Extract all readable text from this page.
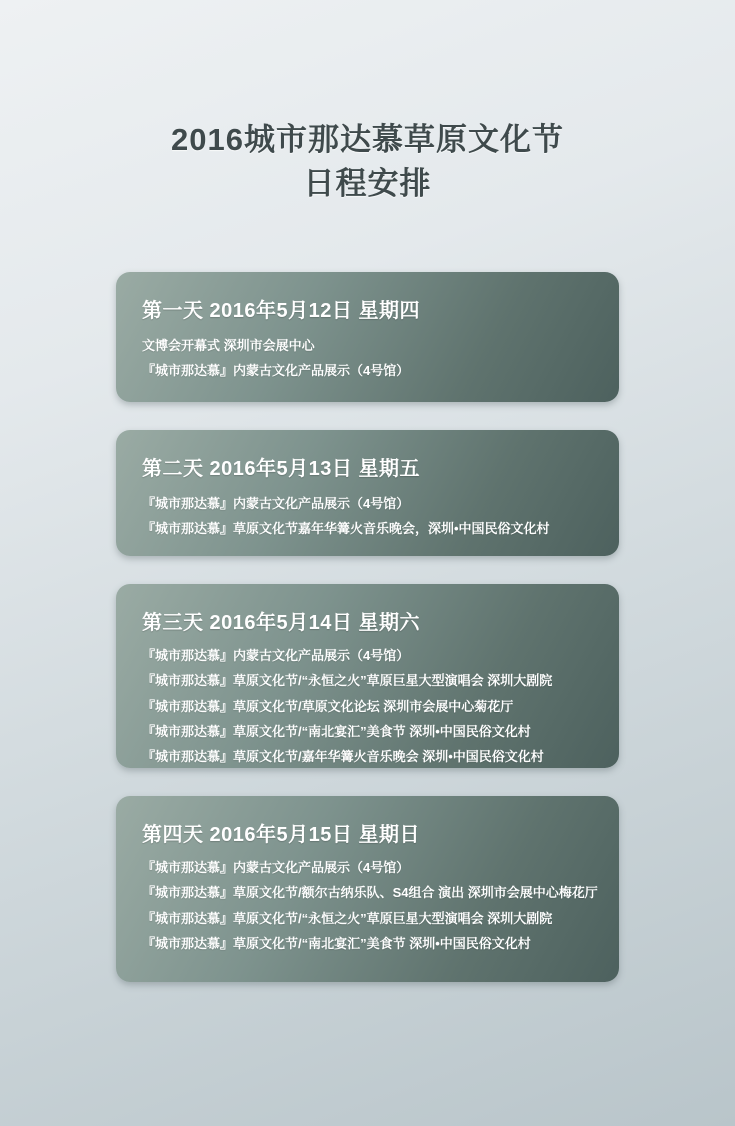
2016城市那达慕草原文化节
日程安排
第一天 2016年5月12日 星期四
文博会开幕式 深圳市会展中心
『城市那达慕』内蒙古文化产品展示（4号馆）
第二天 2016年5月13日 星期五
『城市那达慕』内蒙古文化产品展示（4号馆）
『城市那达慕』草原文化节嘉年华篝火音乐晚会，深圳•中国民俗文化村
第三天 2016年5月14日 星期六
『城市那达慕』内蒙古文化产品展示（4号馆）
『城市那达慕』草原文化节/“永恒之火”草原巨星大型演唱会 深圳大剧院
『城市那达慕』草原文化节/草原文化论坛 深圳市会展中心菊花厅
『城市那达慕』草原文化节/“南北宴汇”美食节 深圳•中国民俗文化村
『城市那达慕』草原文化节/嘉年华篝火音乐晚会 深圳•中国民俗文化村
第四天 2016年5月15日 星期日
『城市那达慕』内蒙古文化产品展示（4号馆）
『城市那达慕』草原文化节/额尔古纳乐队、S4组合 演出 深圳市会展中心梅花厅
『城市那达慕』草原文化节/“永恒之火”草原巨星大型演唱会 深圳大剧院
『城市那达慕』草原文化节/“南北宴汇”美食节 深圳•中国民俗文化村
